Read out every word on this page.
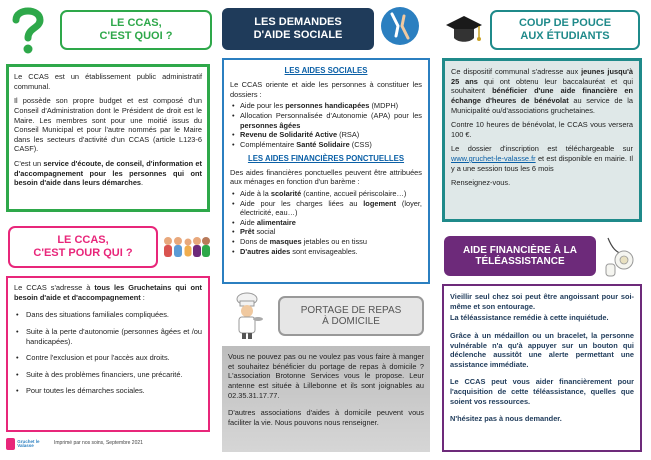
LE CCAS,
C'EST QUOI ?

Le CCAS est un établissement public administratif communal.

Il possède son propre budget et est composé d'un Conseil d'Administration dont le Président de droit est le Maire. Les membres sont pour une moitié issus du Conseil Municipal et pour l'autre nommés par le Maire dans les secteurs d'activité d'un CCAS (article L123-6 CASF).

C'est un service d'écoute, de conseil, d'information et d'accompagnement pour les personnes qui ont besoin d'aide dans leurs démarches.

LE CCAS,
C'EST POUR QUI ?

Le CCAS s'adresse à tous les Gruchetains qui ont besoin d'aide et d'accompagnement :

• Dans des situations familiales compliquées.
• Suite à la perte d'autonomie (personnes âgées et /ou handicapées).
• Contre l'exclusion et pour l'accès aux droits.
• Suite à des problèmes financiers, une précarité.
• Pour toutes les démarches sociales.
Gruchet le Valasse	Imprimé par nos soins, Septembre 2021
LES DEMANDES
D'AIDE SOCIALE
LES AIDES SOCIALES

Le CCAS oriente et aide les personnes à constituer les dossiers :

• Aide pour les personnes handicapées (MDPH)
• Allocation Personnalisée d'Autonomie (APA) pour les personnes âgées
• Revenu de Solidarité Active (RSA)
• Complémentaire Santé Solidaire (CSS)
LES AIDES FINANCIÈRES PONCTUELLES

Des aides financières ponctuelles peuvent être attribuées aux ménages en fonction d'un barème :

• Aide à la scolarité (cantine, accueil périscolaire…)
• Aide pour les charges liées au logement (loyer, électricité, eau…)
• Aide alimentaire
• Prêt social
• Dons de masques jetables ou en tissu
• D'autres aides sont envisageables.
PORTAGE DE REPAS
À DOMICILE

Vous ne pouvez pas ou ne voulez pas vous faire à manger et souhaitez bénéficier du portage de repas à domicile ? L'association Brotonne Services vous le propose. Leur antenne est située à Lillebonne et ils sont joignables au 02.35.31.17.77.

D'autres associations d'aides à domicile peuvent vous faciliter la vie. Nous pouvons nous renseigner.

COUP DE POUCE
AUX ÉTUDIANTS

Ce dispositif communal s'adresse aux jeunes jusqu'à 25 ans qui ont obtenu leur baccalauréat et qui souhaitent bénéficier d'une aide financière en échange d'heures de bénévolat au service de la Municipalité ou/d'associations gruchetaines.

Contre 10 heures de bénévolat, le CCAS vous versera 100 €.

Le dossier d'inscription est téléchargeable sur www.gruchet-le-valasse.fr et est disponible en mairie. Il y a une session tous les 6 mois

Renseignez-vous.

AIDE FINANCIÈRE À LA
TÉLÉASSISTANCE

Vieillir seul chez soi peut être angoissant pour soi-même et son entourage.

La téléassistance remédie à cette inquiétude.

Grâce à un médaillon ou un bracelet, la personne vulnérable n'a qu'à appuyer sur un bouton qui déclenche aussitôt une alerte permettant une assistance immédiate.

Le CCAS peut vous aider financièrement pour l'acquisition de cette téléassistance, quelles que soient vos ressources.

N'hésitez pas à nous demander.
